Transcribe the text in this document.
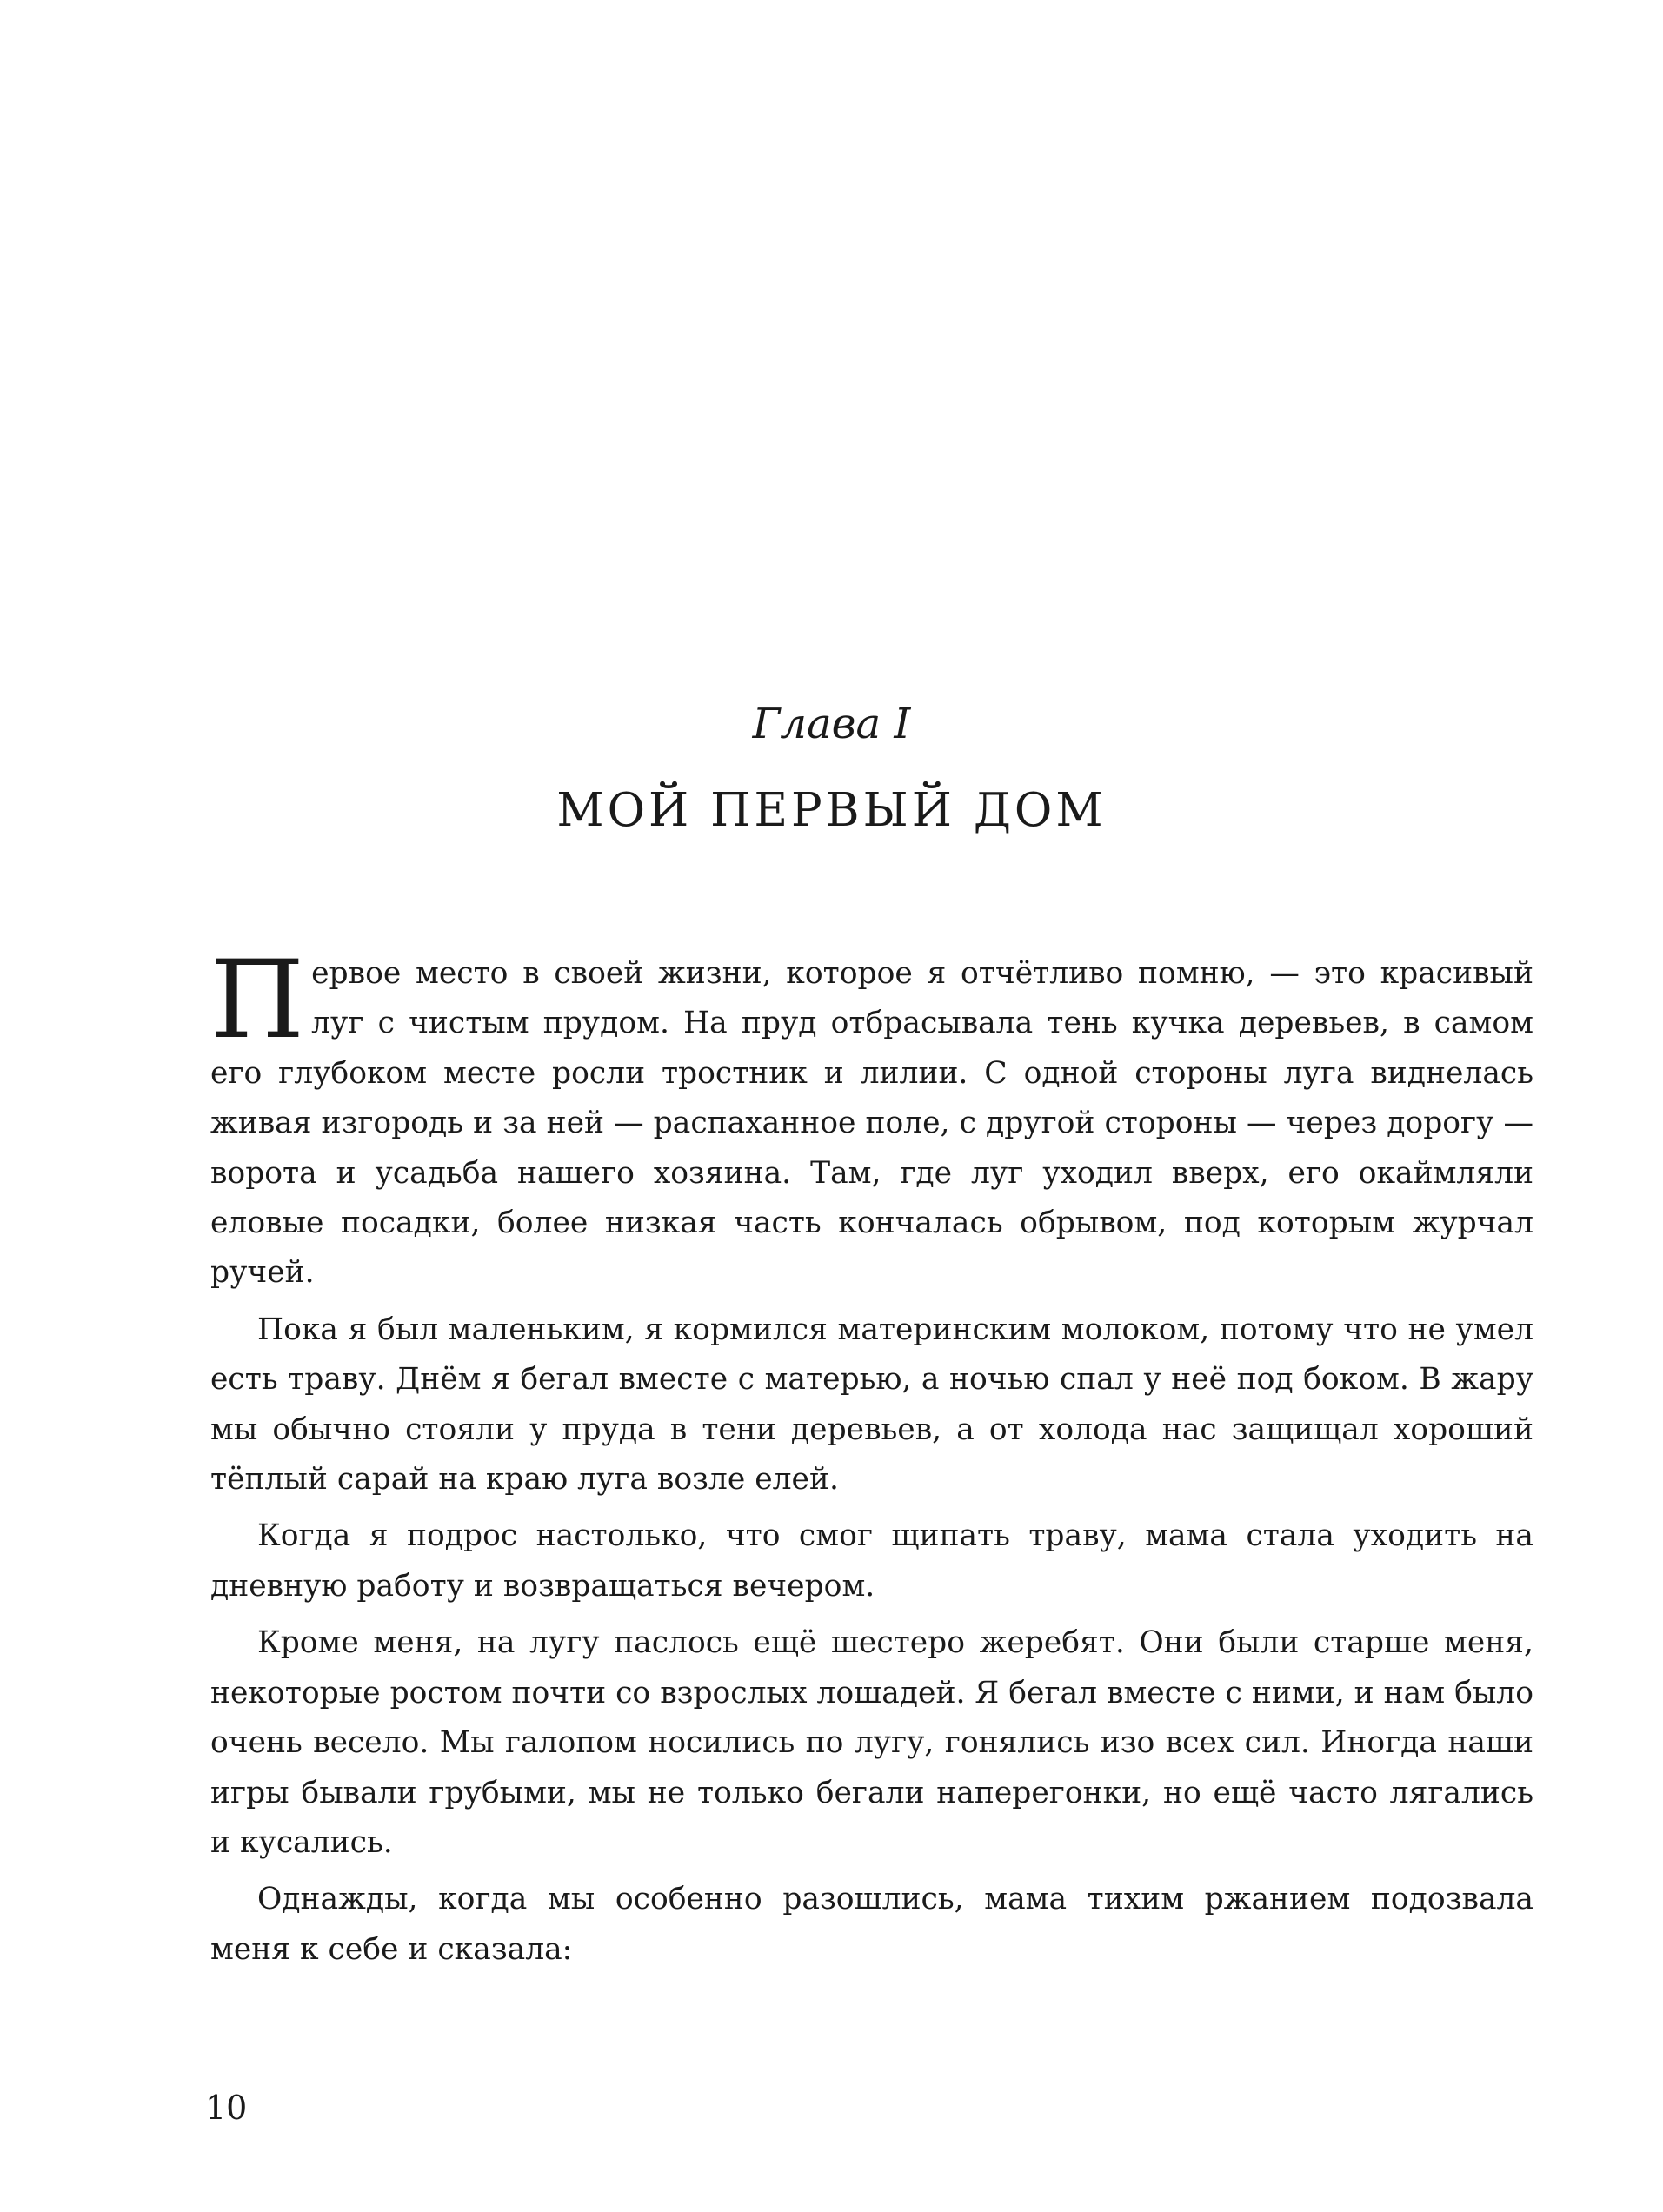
Глава I
МОЙ ПЕРВЫЙ ДОМ

Первое место в своей жизни, которое я отчётливо помню, — это красивый луг с чистым прудом. На пруд отбрасывала тень кучка деревьев, в самом его глубоком месте росли тростник и лилии. С одной стороны луга виднелась живая изгородь и за ней — распаханное поле, с другой стороны — через дорогу — ворота и усадьба нашего хозяина. Там, где луг уходил вверх, его окаймляли еловые посадки, более низкая часть кончалась обрывом, под которым журчал ручей.

Пока я был маленьким, я кормился материнским молоком, потому что не умел есть траву. Днём я бегал вместе с матерью, а ночью спал у неё под боком. В жару мы обычно стояли у пруда в тени деревьев, а от холода нас защищал хороший тёплый сарай на краю луга возле елей.

Когда я подрос настолько, что смог щипать траву, мама стала уходить на дневную работу и возвращаться вечером.

Кроме меня, на лугу паслось ещё шестеро жеребят. Они были старше меня, некоторые ростом почти со взрослых лошадей. Я бегал вместе с ними, и нам было очень весело. Мы галопом носились по лугу, гонялись изо всех сил. Иногда наши игры бывали грубыми, мы не только бегали наперегонки, но ещё часто лягались и кусались.

Однажды, когда мы особенно разошлись, мама тихим ржанием подозвала меня к себе и сказала:

10
